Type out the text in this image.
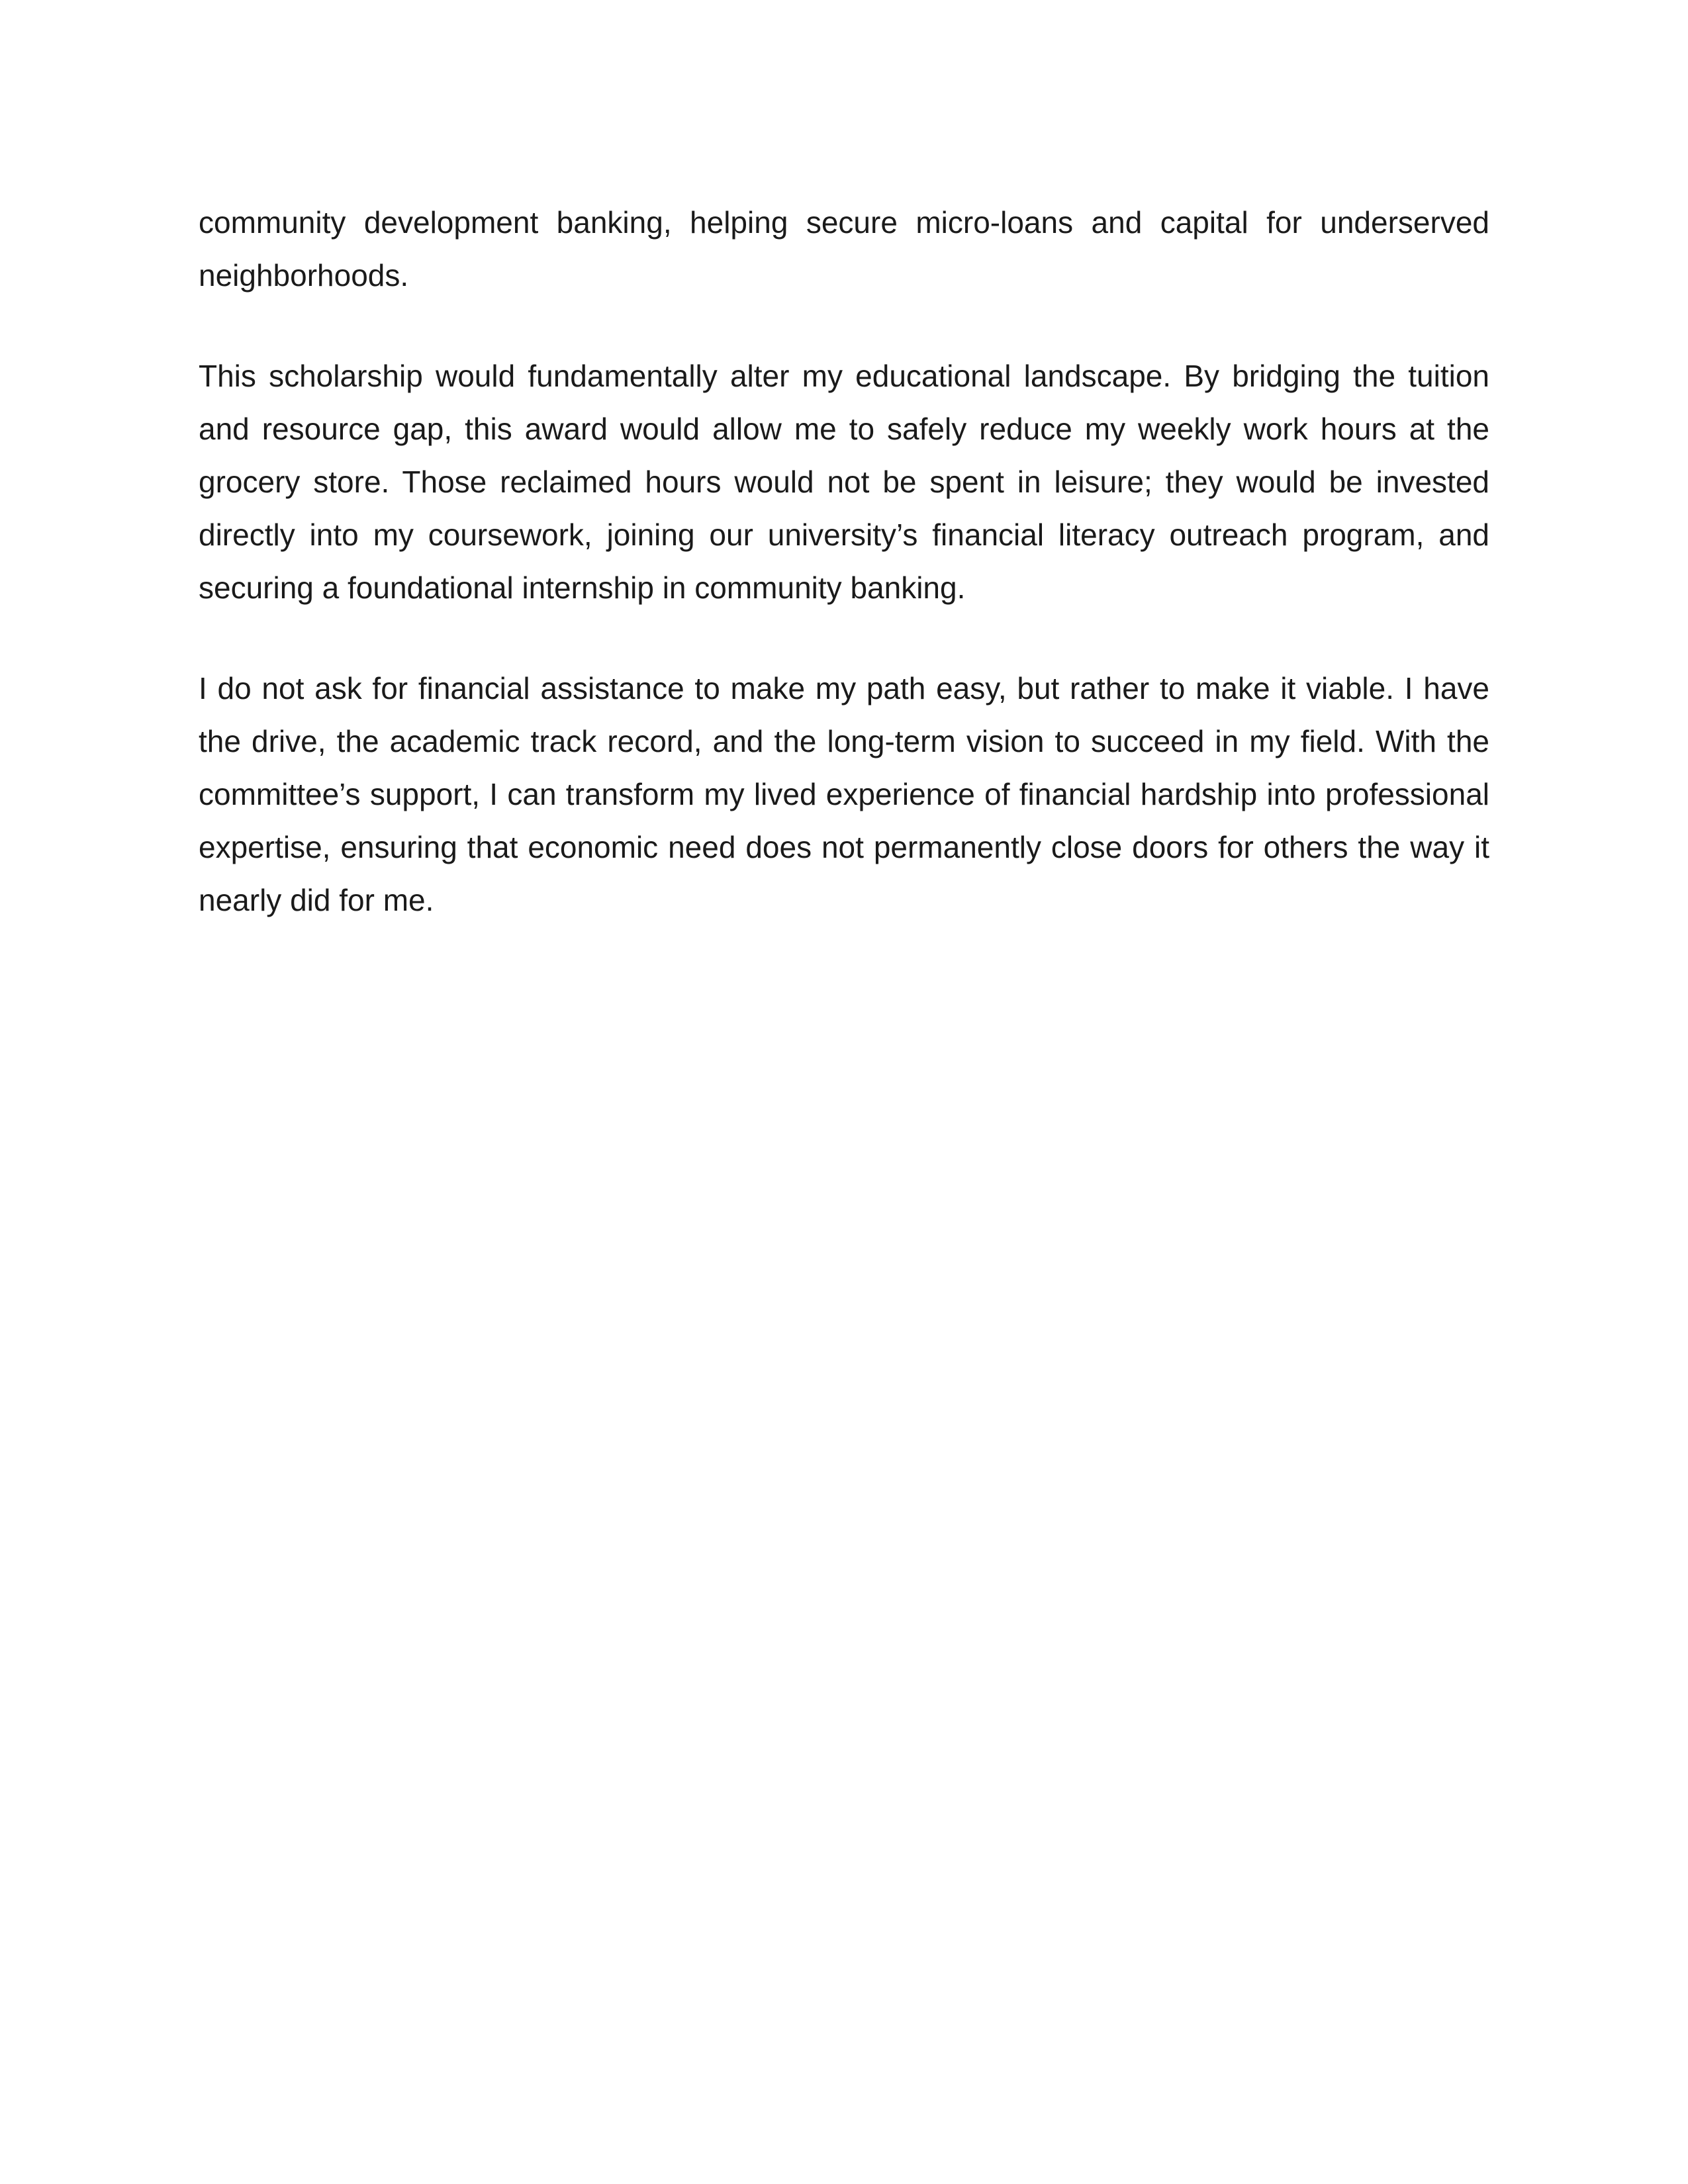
community development banking, helping secure micro-loans and capital for underserved neighborhoods.

This scholarship would fundamentally alter my educational landscape. By bridging the tuition and resource gap, this award would allow me to safely reduce my weekly work hours at the grocery store. Those reclaimed hours would not be spent in leisure; they would be invested directly into my coursework, joining our university’s financial literacy outreach program, and securing a foundational internship in community banking.

I do not ask for financial assistance to make my path easy, but rather to make it viable. I have the drive, the academic track record, and the long-term vision to succeed in my field. With the committee’s support, I can transform my lived experience of financial hardship into professional expertise, ensuring that economic need does not permanently close doors for others the way it nearly did for me.
